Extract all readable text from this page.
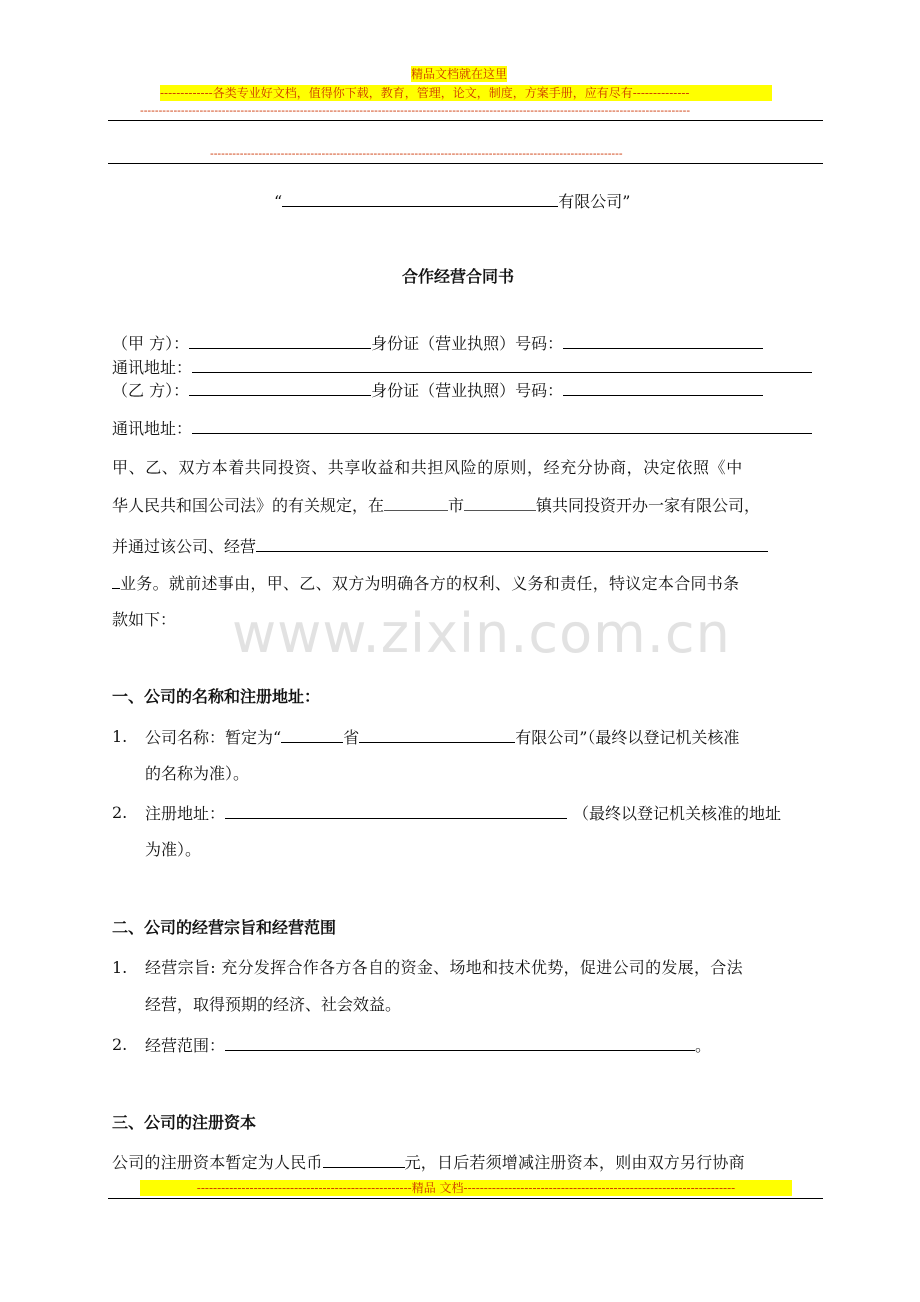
精品文档就在这里
-------------各类专业好文档，值得你下载，教育，管理，论文，制度，方案手册，应有尽有--------------
----------------------------------------------------------------------------------------------------------------------------------------------------
---------------------------------------------------------------------------------------------------------------
“	有限公司”
合作经营合同书
（甲 方）：	身份证（营业执照）号码：
通讯地址：
（乙 方）：	身份证（营业执照）号码：
通讯地址：
甲、乙、双方本着共同投资、共享收益和共担风险的原则，经充分协商，决定依照《中
华人民共和国公司法》的有关规定，在	市	镇共同投资开办一家有限公司，
并通过该公司、经营
业务。就前述事由，甲、乙、双方为明确各方的权利、义务和责任，特议定本合同书条
款如下： www.zixin.com.cn
一、公司的名称和注册地址：
1. 公司名称：暂定为“	省	有限公司”（最终以登记机关核准
的名称为准）。
2. 注册地址：	（最终以登记机关核准的地址
为准）。
二、公司的经营宗旨和经营范围
1. 经营宗旨: 充分发挥合作各方各自的资金、场地和技术优势，促进公司的发展，合法
经营，取得预期的经济、社会效益。
2. 经营范围：	。
三、公司的注册资本
公司的注册资本暂定为人民币	元，日后若须增减注册资本，则由双方另行协商
----------------------------------------------------- 精品 文档 -------------------------------------------------------------------
